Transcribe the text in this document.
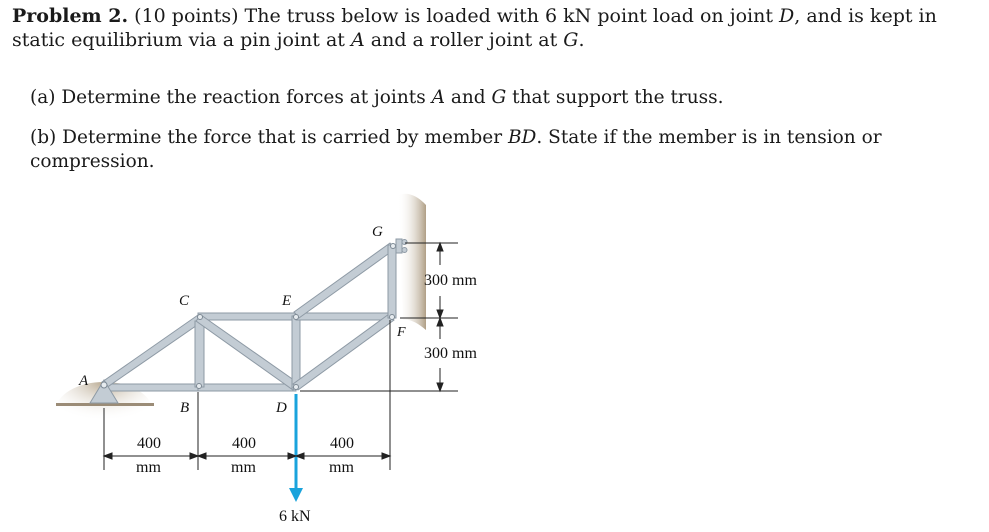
Problem 2. (10 points) The truss below is loaded with 6 kN point load on joint D, and is kept in static equilibrium via a pin joint at A and a roller joint at G.
(a) Determine the reaction forces at joints A and G that support the truss.
(b) Determine the force that is carried by member BD. State if the member is in tension or compression.
A
B
C
D
E
F
G
400
mm
400
mm
400
mm
300 mm
300 mm
6 kN
